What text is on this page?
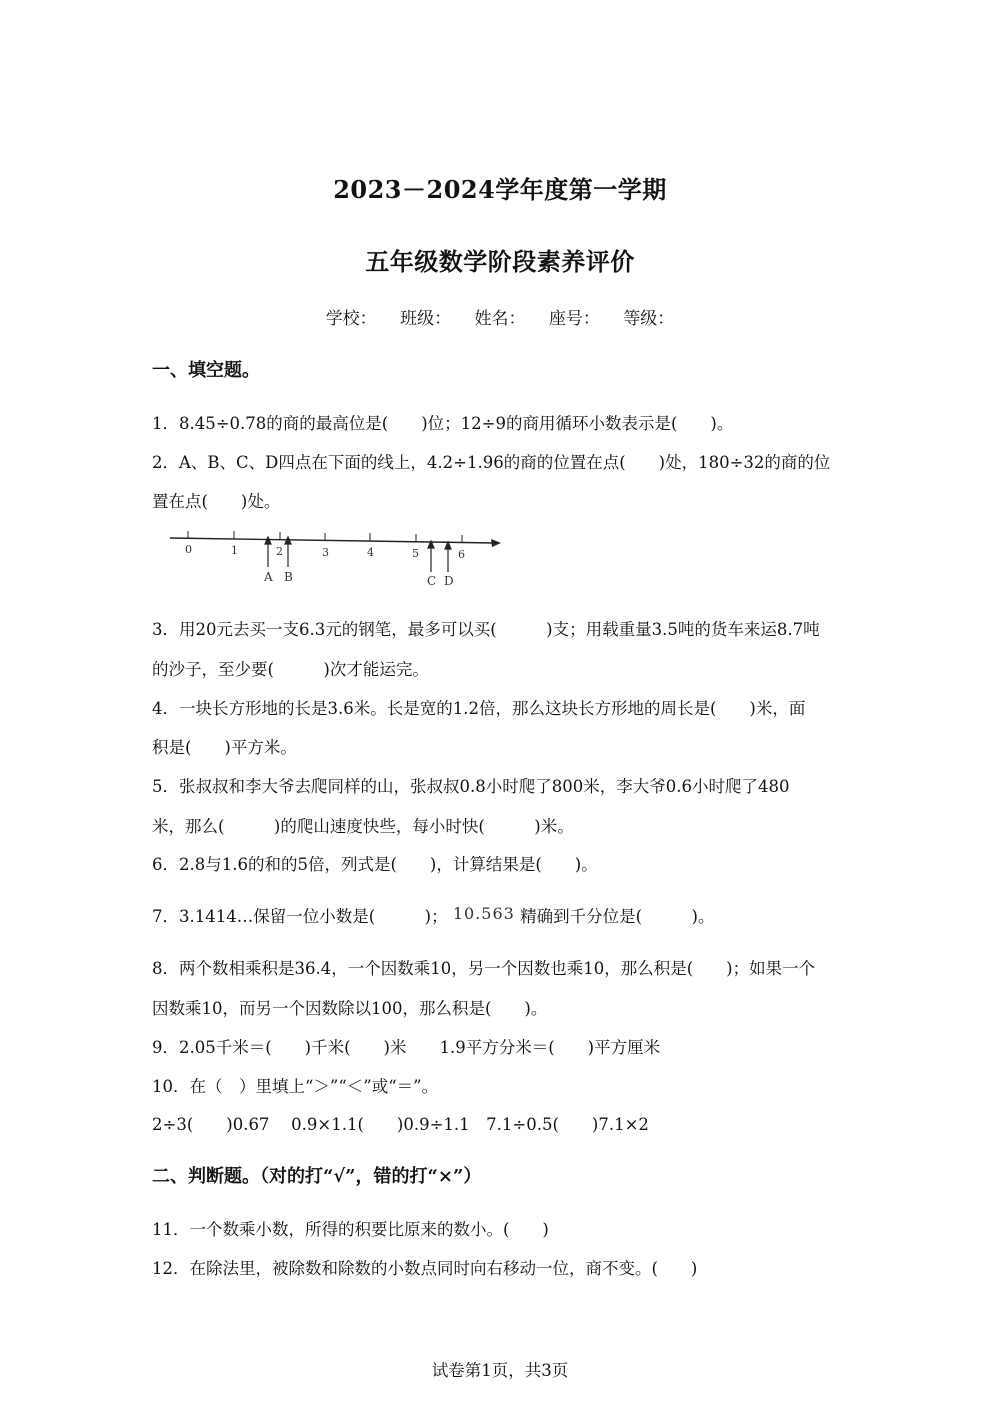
2023－2024学年度第一学期
五年级数学阶段素养评价
学校： 班级： 姓名： 座号： 等级：
一、填空题。
1．8.45÷0.78的商的最高位是(　　)位；12÷9的商用循环小数表示是(　　)。
2．A、B、C、D四点在下面的线上，4.2÷1.96的商的位置在点(　　)处，180÷32的商的位
置在点(　　)处。
0	1	2	3	4	5	6
A B	C D
3．用20元去买一支6.3元的钢笔，最多可以买(　　　)支；用载重量3.5吨的货车来运8.7吨
的沙子，至少要(　　　)次才能运完。
4．一块长方形地的长是3.6米。长是宽的1.2倍，那么这块长方形地的周长是(　　)米，面
积是(　　)平方米。
5．张叔叔和李大爷去爬同样的山，张叔叔0.8小时爬了800米，李大爷0.6小时爬了480
米，那么(　　　)的爬山速度快些，每小时快(　　　)米。
6．2.8与1.6的和的5倍，列式是(　　)，计算结果是(　　)。
7．3.1414…保留一位小数是(　　　)； 10.563 精确到千分位是(　　　)。
8．两个数相乘积是36.4，一个因数乘10，另一个因数也乘10，那么积是(　　)；如果一个
因数乘10，而另一个因数除以100，那么积是(　　)。
9．2.05千米＝(　　)千米(　　)米　　1.9平方分米＝(　　)平方厘米
10．在（　）里填上“＞”“＜”或“＝”。
2÷3(　　)0.67　 0.9×1.1(　　)0.9÷1.1　7.1÷0.5(　　)7.1×2
二、判断题。（对的打“√”，错的打“×”）
11．一个数乘小数，所得的积要比原来的数小。(　　)
12．在除法里，被除数和除数的小数点同时向右移动一位，商不变。(　　)
试卷第1页，共3页
